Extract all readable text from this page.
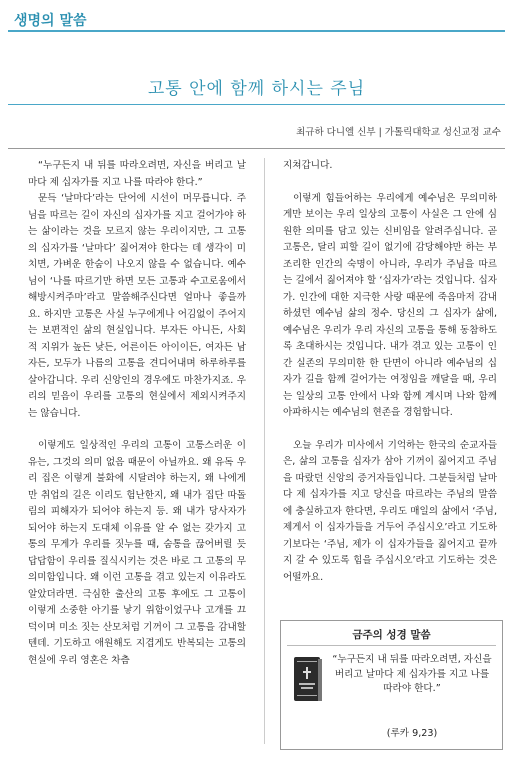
생명의 말씀
고통 안에 함께 하시는 주님
최규하 다니엘 신부 | 가톨릭대학교 성신교정 교수

“누구든지 내 뒤를 따라오려면, 자신을 버리고 날마다 제 십자가를 지고 나를 따라야 한다.”

문득 ‘날마다’라는 단어에 시선이 머무릅니다. 주님을 따르는 길이 자신의 십자가를 지고 걸어가야 하는 삶이라는 것을 모르지 않는 우리이지만, 그 고통의 십자가를 ‘날마다’ 짊어져야 한다는 데 생각이 미치면, 가벼운 한숨이 나오지 않을 수 없습니다. 예수님이 ‘나를 따르기만 하면 모든 고통과 수고로움에서 해방시켜주마’라고 말씀해주신다면 얼마나 좋을까요. 하지만 고통은 사실 누구에게나 어김없이 주어지는 보편적인 삶의 현실입니다. 부자든 아니든, 사회적 지위가 높든 낮든, 어른이든 아이이든, 여자든 남자든, 모두가 나름의 고통을 견디어내며 하루하루를 살아갑니다. 우리 신앙인의 경우에도 마찬가지죠. 우리의 믿음이 우리를 고통의 현실에서 제외시켜주지는 않습니다.

이렇게도 일상적인 우리의 고통이 고통스러운 이유는, 그것의 의미 없음 때문이 아닐까요. 왜 유독 우리 집은 이렇게 불화에 시달려야 하는지, 왜 나에게만 취업의 길은 이리도 험난한지, 왜 내가 집단 따돌림의 피해자가 되어야 하는지 등. 왜 내가 당사자가 되어야 하는지 도대체 이유를 알 수 없는 갖가지 고통의 무게가 우리를 짓누를 때, 숨통을 끊어버릴 듯 답답함이 우리를 질식시키는 것은 바로 그 고통의 무의미함입니다. 왜 이런 고통을 겪고 있는지 이유라도 알았더라면. 극심한 출산의 고통 후에도 그 고통이 이렇게 소중한 아기를 낳기 위함이었구나 고개를 끄덕이며 미소 짓는 산모처럼 기꺼이 그 고통을 감내할 텐데. 기도하고 애원해도 지겹게도 반복되는 고통의 현실에 우리 영혼은 차츰

지쳐갑니다.

이렇게 힘들어하는 우리에게 예수님은 무의미하게만 보이는 우리 일상의 고통이 사실은 그 안에 심원한 의미를 담고 있는 신비임을 알려주십니다. 곧 고통은, 달리 피할 길이 없기에 감당해야만 하는 부조리한 인간의 숙명이 아니라, 우리가 주님을 따르는 길에서 짊어져야 할 ‘십자가’라는 것입니다. 십자가. 인간에 대한 지극한 사랑 때문에 죽음마저 감내하셨던 예수님 삶의 정수. 당신의 그 십자가 삶에, 예수님은 우리가 우리 자신의 고통을 통해 동참하도록 초대하시는 것입니다. 내가 겪고 있는 고통이 인간 실존의 무의미한 한 단면이 아니라 예수님의 십자가 길을 함께 걸어가는 여정임을 깨달을 때, 우리는 일상의 고통 안에서 나와 함께 계시며 나와 함께 아파하시는 예수님의 현존을 경험합니다.

오늘 우리가 미사에서 기억하는 한국의 순교자들은, 삶의 고통을 십자가 삼아 기꺼이 짊어지고 주님을 따랐던 신앙의 증거자들입니다. 그분들처럼 날마다 제 십자가를 지고 당신을 따르라는 주님의 말씀에 충실하고자 한다면, 우리도 매일의 삶에서 ‘주님, 제게서 이 십자가들을 거두어 주십시오’라고 기도하기보다는 ‘주님, 제가 이 십자가들을 짊어지고 끝까지 갈 수 있도록 힘을 주십시오’라고 기도하는 것은 어떨까요.

금주의 성경 말씀
“누구든지 내 뒤를 따라오려면, 자신을 버리고 날마다 제 십자가를 지고 나를 따라야 한다.”
(루카 9,23)
